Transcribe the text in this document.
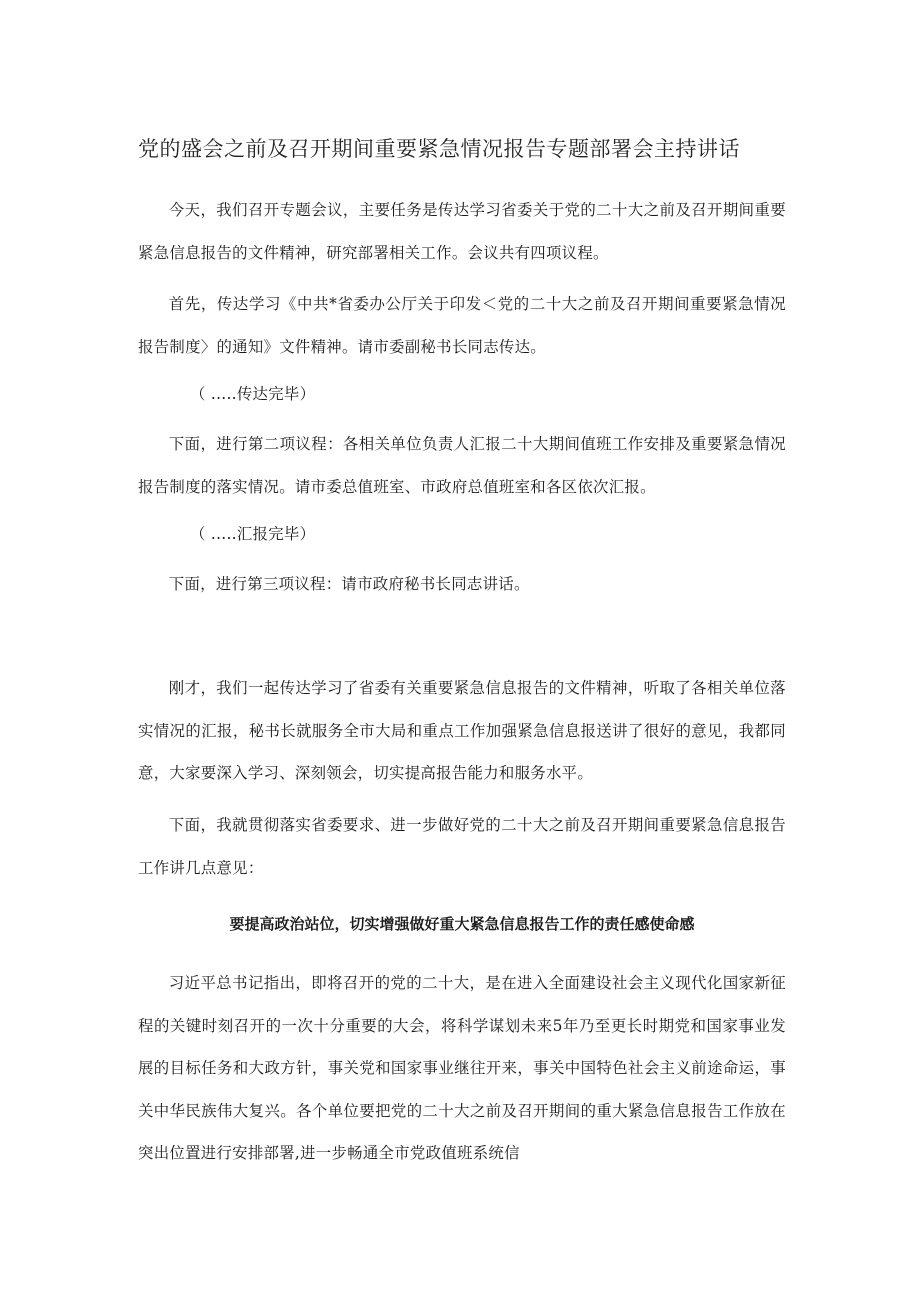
党的盛会之前及召开期间重要紧急情况报告专题部署会主持讲话

今天，我们召开专题会议，主要任务是传达学习省委关于党的二十大之前及召开期间重要紧急信息报告的文件精神，研究部署相关工作。会议共有四项议程。

首先，传达学习《中共*省委办公厅关于印发＜党的二十大之前及召开期间重要紧急情况报告制度〉的通知》文件精神。请市委副秘书长同志传达。

（ .....传达完毕）

下面，进行第二项议程：各相关单位负责人汇报二十大期间值班工作安排及重要紧急情况报告制度的落实情况。请市委总值班室、市政府总值班室和各区依次汇报。

（ .....汇报完毕）

下面，进行第三项议程：请市政府秘书长同志讲话。

刚才，我们一起传达学习了省委有关重要紧急信息报告的文件精神，听取了各相关单位落实情况的汇报，秘书长就服务全市大局和重点工作加强紧急信息报送讲了很好的意见，我都同意，大家要深入学习、深刻领会，切实提高报告能力和服务水平。

下面，我就贯彻落实省委要求、进一步做好党的二十大之前及召开期间重要紧急信息报告工作讲几点意见：

要提高政治站位，切实增强做好重大紧急信息报告工作的责任感使命感

习近平总书记指出，即将召开的党的二十大，是在进入全面建设社会主义现代化国家新征程的关键时刻召开的一次十分重要的大会，将科学谋划未来5年乃至更长时期党和国家事业发展的目标任务和大政方针，事关党和国家事业继往开来，事关中国特色社会主义前途命运，事关中华民族伟大复兴。各个单位要把党的二十大之前及召开期间的重大紧急信息报告工作放在突出位置进行安排部署,进一步畅通全市党政值班系统信
